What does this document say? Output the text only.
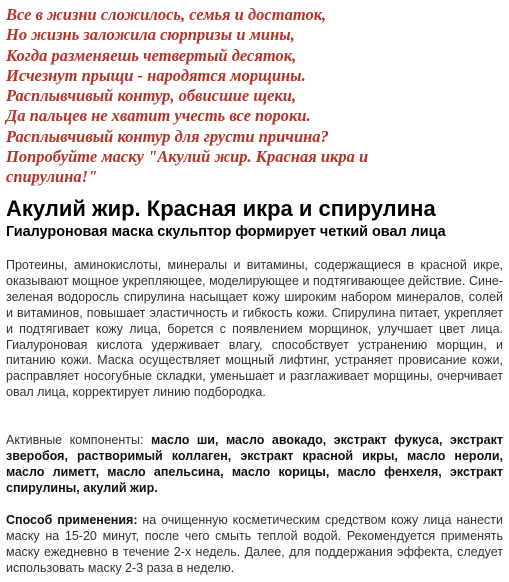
Все в жизни сложилось, семья и достаток,
Но жизнь заложила сюрпризы и мины,
Когда разменяешь четвертый десяток,
Исчезнут прыщи - народятся морщины.
Расплывчивый контур, обвисшие щеки,
Да пальцев не хватит учесть все пороки.
Расплывчивый контур для грусти причина?
Попробуйте маску "Акулий жир. Красная икра и
спирулина!"
Акулий жир. Красная икра и спирулина
Гиалуроновая маска скульптор формирует четкий овал лица

Протеины, аминокислоты, минералы и витамины, содержащиеся в красной икре, оказывают мощное укрепляющее, моделирующее и подтягивающее действие. Сине-зеленая водоросль спирулина насыщает кожу широким набором минералов, солей и витаминов, повышает эластичность и гибкость кожи. Спирулина питает, укрепляет и подтягивает кожу лица, борется с появлением морщинок, улучшает цвет лица. Гиалуроновая кислота удерживает влагу, способствует устранению морщин, и питанию кожи. Маска осуществляет мощный лифтинг, устраняет провисание кожи, расправляет носогубные складки, уменьшает и разглаживает морщины, очерчивает овал лица, корректирует линию подбородка.

Активные компоненты: масло ши, масло авокадо, экстракт фукуса, экстракт зверобоя, растворимый коллаген, экстракт красной икры, масло нероли, масло лиметт, масло апельсина, масло корицы, масло фенхеля, экстракт спирулины, акулий жир.

Способ применения: на очищенную косметическим средством кожу лица нанести маску на 15-20 минут, после чего смыть теплой водой. Рекомендуется применять маску ежедневно в течение 2-х недель. Далее, для поддержания эффекта, следует использовать маску 2-3 раза в неделю.
